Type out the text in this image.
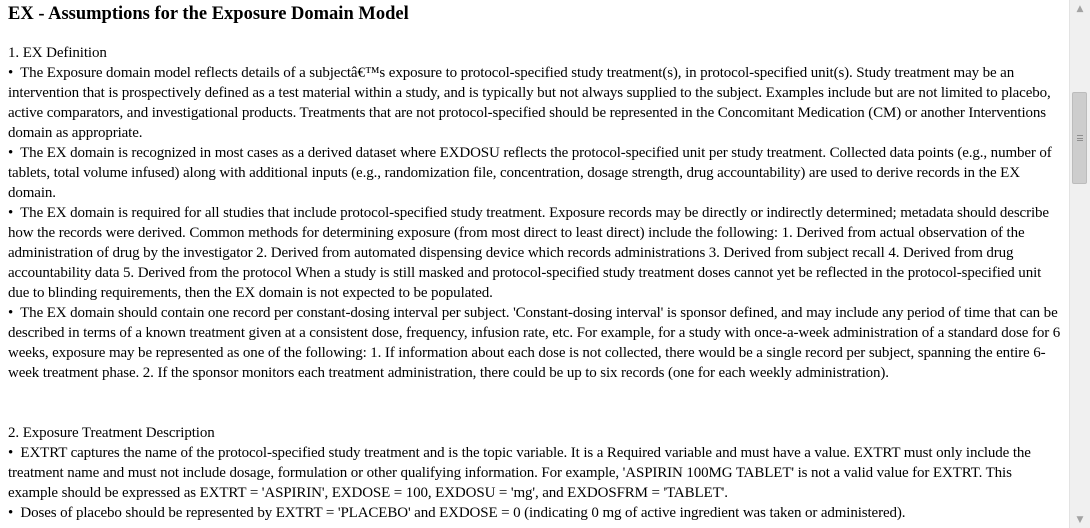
EX - Assumptions for the Exposure Domain Model

1. EX Definition

• The Exposure domain model reflects details of a subjectâ€™s exposure to protocol-specified study treatment(s), in protocol-specified unit(s). Study treatment may be an intervention that is prospectively defined as a test material within a study, and is typically but not always supplied to the subject. Examples include but are not limited to placebo, active comparators, and investigational products. Treatments that are not protocol-specified should be represented in the Concomitant Medication (CM) or another Interventions domain as appropriate.

• The EX domain is recognized in most cases as a derived dataset where EXDOSU reflects the protocol-specified unit per study treatment. Collected data points (e.g., number of tablets, total volume infused) along with additional inputs (e.g., randomization file, concentration, dosage strength, drug accountability) are used to derive records in the EX domain.

• The EX domain is required for all studies that include protocol-specified study treatment. Exposure records may be directly or indirectly determined; metadata should describe how the records were derived. Common methods for determining exposure (from most direct to least direct) include the following: 1. Derived from actual observation of the administration of drug by the investigator 2. Derived from automated dispensing device which records administrations 3. Derived from subject recall 4. Derived from drug accountability data 5. Derived from the protocol When a study is still masked and protocol-specified study treatment doses cannot yet be reflected in the protocol-specified unit due to blinding requirements, then the EX domain is not expected to be populated.

• The EX domain should contain one record per constant-dosing interval per subject. 'Constant-dosing interval' is sponsor defined, and may include any period of time that can be described in terms of a known treatment given at a consistent dose, frequency, infusion rate, etc. For example, for a study with once-a-week administration of a standard dose for 6 weeks, exposure may be represented as one of the following: 1. If information about each dose is not collected, there would be a single record per subject, spanning the entire 6-week treatment phase. 2. If the sponsor monitors each treatment administration, there could be up to six records (one for each weekly administration).

2. Exposure Treatment Description

• EXTRT captures the name of the protocol-specified study treatment and is the topic variable. It is a Required variable and must have a value. EXTRT must only include the treatment name and must not include dosage, formulation or other qualifying information. For example, 'ASPIRIN 100MG TABLET' is not a valid value for EXTRT. This example should be expressed as EXTRT = 'ASPIRIN', EXDOSE = 100, EXDOSU = 'mg', and EXDOSFRM = 'TABLET'.

• Doses of placebo should be represented by EXTRT = 'PLACEBO' and EXDOSE = 0 (indicating 0 mg of active ingredient was taken or administered).

▲
▼
